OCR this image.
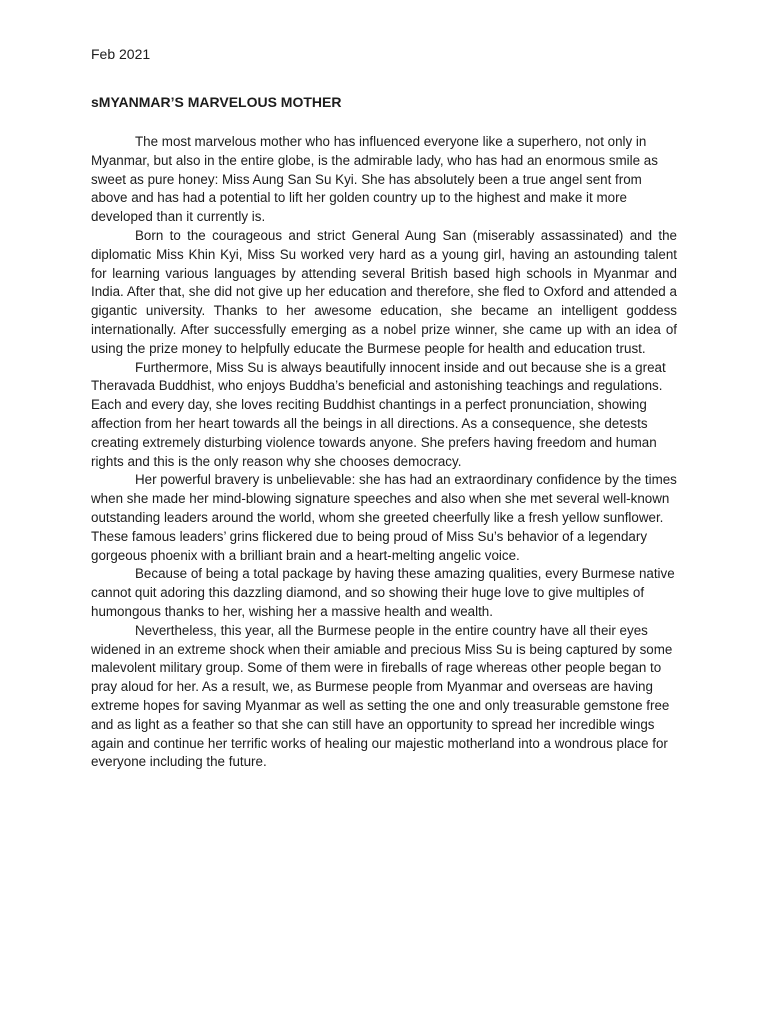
Feb 2021

sMYANMAR’S MARVELOUS MOTHER

The most marvelous mother who has influenced everyone like a superhero, not only in Myanmar, but also in the entire globe, is the admirable lady, who has had an enormous smile as sweet as pure honey: Miss Aung San Su Kyi. She has absolutely been a true angel sent from above and has had a potential to lift her golden country up to the highest and make it more developed than it currently is.

Born to the courageous and strict General Aung San (miserably assassinated) and the diplomatic Miss Khin Kyi, Miss Su worked very hard as a young girl, having an astounding talent for learning various languages by attending several British based high schools in Myanmar and India. After that, she did not give up her education and therefore, she fled to Oxford and attended a gigantic university. Thanks to her awesome education, she became an intelligent goddess internationally. After successfully emerging as a nobel prize winner, she came up with an idea of using the prize money to helpfully educate the Burmese people for health and education trust.

Furthermore, Miss Su is always beautifully innocent inside and out because she is a great Theravada Buddhist, who enjoys Buddha’s beneficial and astonishing teachings and regulations. Each and every day, she loves reciting Buddhist chantings in a perfect pronunciation, showing affection from her heart towards all the beings in all directions. As a consequence, she detests creating extremely disturbing violence towards anyone. She prefers having freedom and human rights and this is the only reason why she chooses democracy.

Her powerful bravery is unbelievable: she has had an extraordinary confidence by the times when she made her mind-blowing signature speeches and also when she met several well-known outstanding leaders around the world, whom she greeted cheerfully like a fresh yellow sunflower. These famous leaders’ grins flickered due to being proud of Miss Su’s behavior of a legendary gorgeous phoenix with a brilliant brain and a heart-melting angelic voice.

Because of being a total package by having these amazing qualities, every Burmese native cannot quit adoring this dazzling diamond, and so showing their huge love to give multiples of humongous thanks to her, wishing her a massive health and wealth.

Nevertheless, this year, all the Burmese people in the entire country have all their eyes widened in an extreme shock when their amiable and precious Miss Su is being captured by some malevolent military group. Some of them were in fireballs of rage whereas other people began to pray aloud for her. As a result, we, as Burmese people from Myanmar and overseas are having extreme hopes for saving Myanmar as well as setting the one and only treasurable gemstone free and as light as a feather so that she can still have an opportunity to spread her incredible wings again and continue her terrific works of healing our majestic motherland into a wondrous place for everyone including the future.
